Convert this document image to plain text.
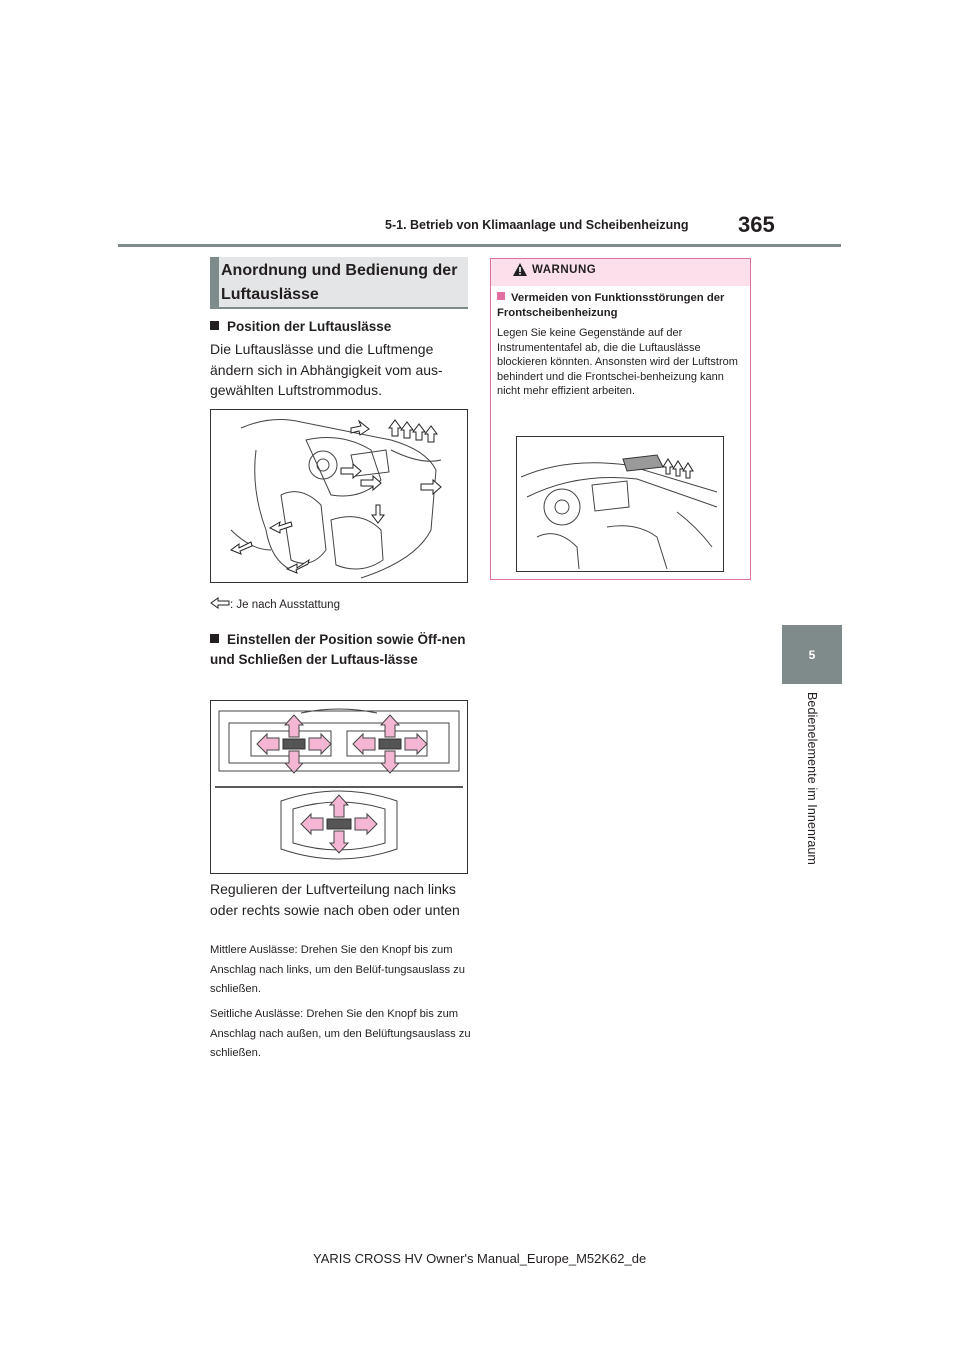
5-1. Betrieb von Klimaanlage und Scheibenheizung 365
5
Bedienelemente im Innenraum
Anordnung und Bedienung der Luftauslässe
Position der Luftauslässe
Die Luftauslässe und die Luftmenge ändern sich in Abhängigkeit vom aus-gewählten Luftstrommodus.
: Je nach Ausstattung
Einstellen der Position sowie Öff-nen und Schließen der Luftaus-lässe
Regulieren der Luftverteilung nach links oder rechts sowie nach oben oder unten
Mittlere Auslässe: Drehen Sie den Knopf bis zum Anschlag nach links, um den Belüf-tungsauslass zu schließen.
Seitliche Auslässe: Drehen Sie den Knopf bis zum Anschlag nach außen, um den Belüftungsauslass zu schließen.
WARNUNG
Vermeiden von Funktionsstörungen der Frontscheibenheizung
Legen Sie keine Gegenstände auf der Instrumententafel ab, die die Luftauslässe blockieren könnten. Ansonsten wird der Luftstrom behindert und die Frontschei-benheizung kann nicht mehr effizient arbeiten.
YARIS CROSS HV Owner's Manual_Europe_M52K62_de
